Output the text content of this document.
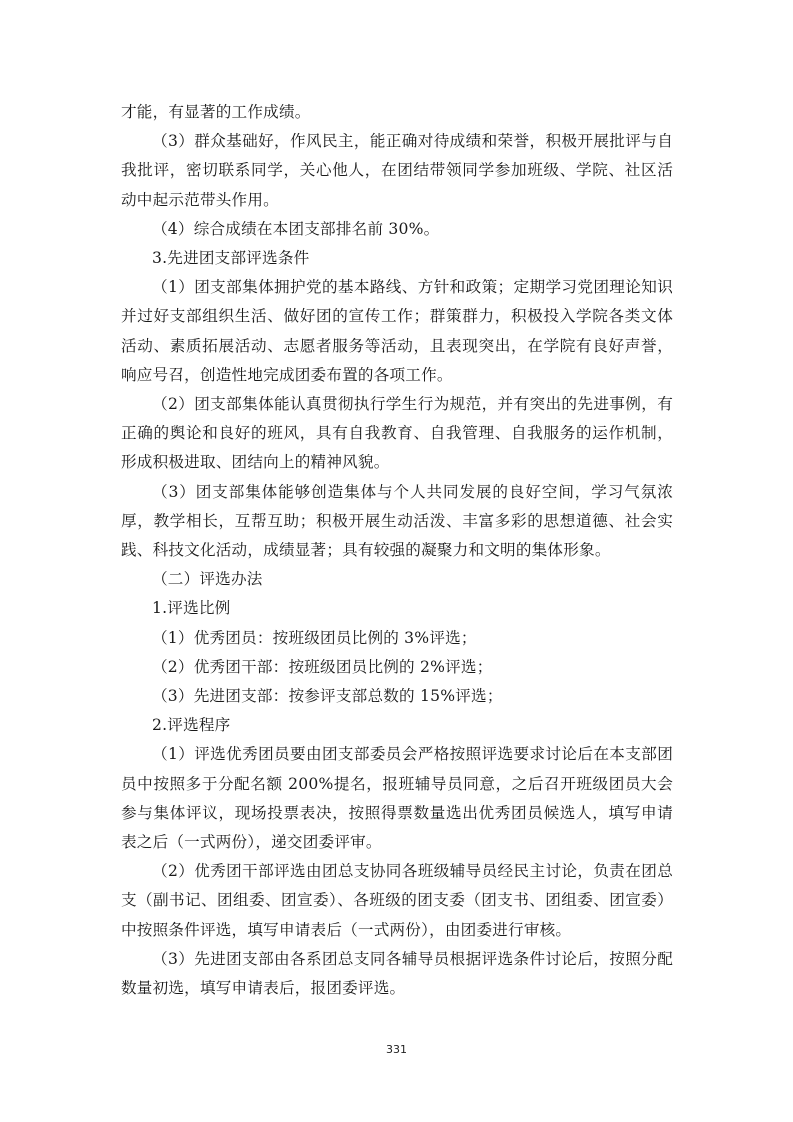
才能，有显著的工作成绩。

（3）群众基础好，作风民主，能正确对待成绩和荣誉，积极开展批评与自我批评，密切联系同学，关心他人，在团结带领同学参加班级、学院、社区活动中起示范带头作用。

（4）综合成绩在本团支部排名前 30%。

3.先进团支部评选条件

（1）团支部集体拥护党的基本路线、方针和政策；定期学习党团理论知识并过好支部组织生活、做好团的宣传工作；群策群力，积极投入学院各类文体活动、素质拓展活动、志愿者服务等活动，且表现突出，在学院有良好声誉，响应号召，创造性地完成团委布置的各项工作。

（2）团支部集体能认真贯彻执行学生行为规范，并有突出的先进事例，有正确的舆论和良好的班风，具有自我教育、自我管理、自我服务的运作机制，形成积极进取、团结向上的精神风貌。

（3）团支部集体能够创造集体与个人共同发展的良好空间，学习气氛浓厚，教学相长，互帮互助；积极开展生动活泼、丰富多彩的思想道德、社会实践、科技文化活动，成绩显著；具有较强的凝聚力和文明的集体形象。

（二）评选办法

1.评选比例

（1）优秀团员：按班级团员比例的 3%评选；

（2）优秀团干部：按班级团员比例的 2%评选；

（3）先进团支部：按参评支部总数的 15%评选；

2.评选程序

（1）评选优秀团员要由团支部委员会严格按照评选要求讨论后在本支部团员中按照多于分配名额 200%提名，报班辅导员同意，之后召开班级团员大会参与集体评议，现场投票表决，按照得票数量选出优秀团员候选人，填写申请表之后（一式两份），递交团委评审。

（2）优秀团干部评选由团总支协同各班级辅导员经民主讨论，负责在团总支（副书记、团组委、团宣委）、各班级的团支委（团支书、团组委、团宣委）中按照条件评选，填写申请表后（一式两份），由团委进行审核。

（3）先进团支部由各系团总支同各辅导员根据评选条件讨论后，按照分配数量初选，填写申请表后，报团委评选。

331
